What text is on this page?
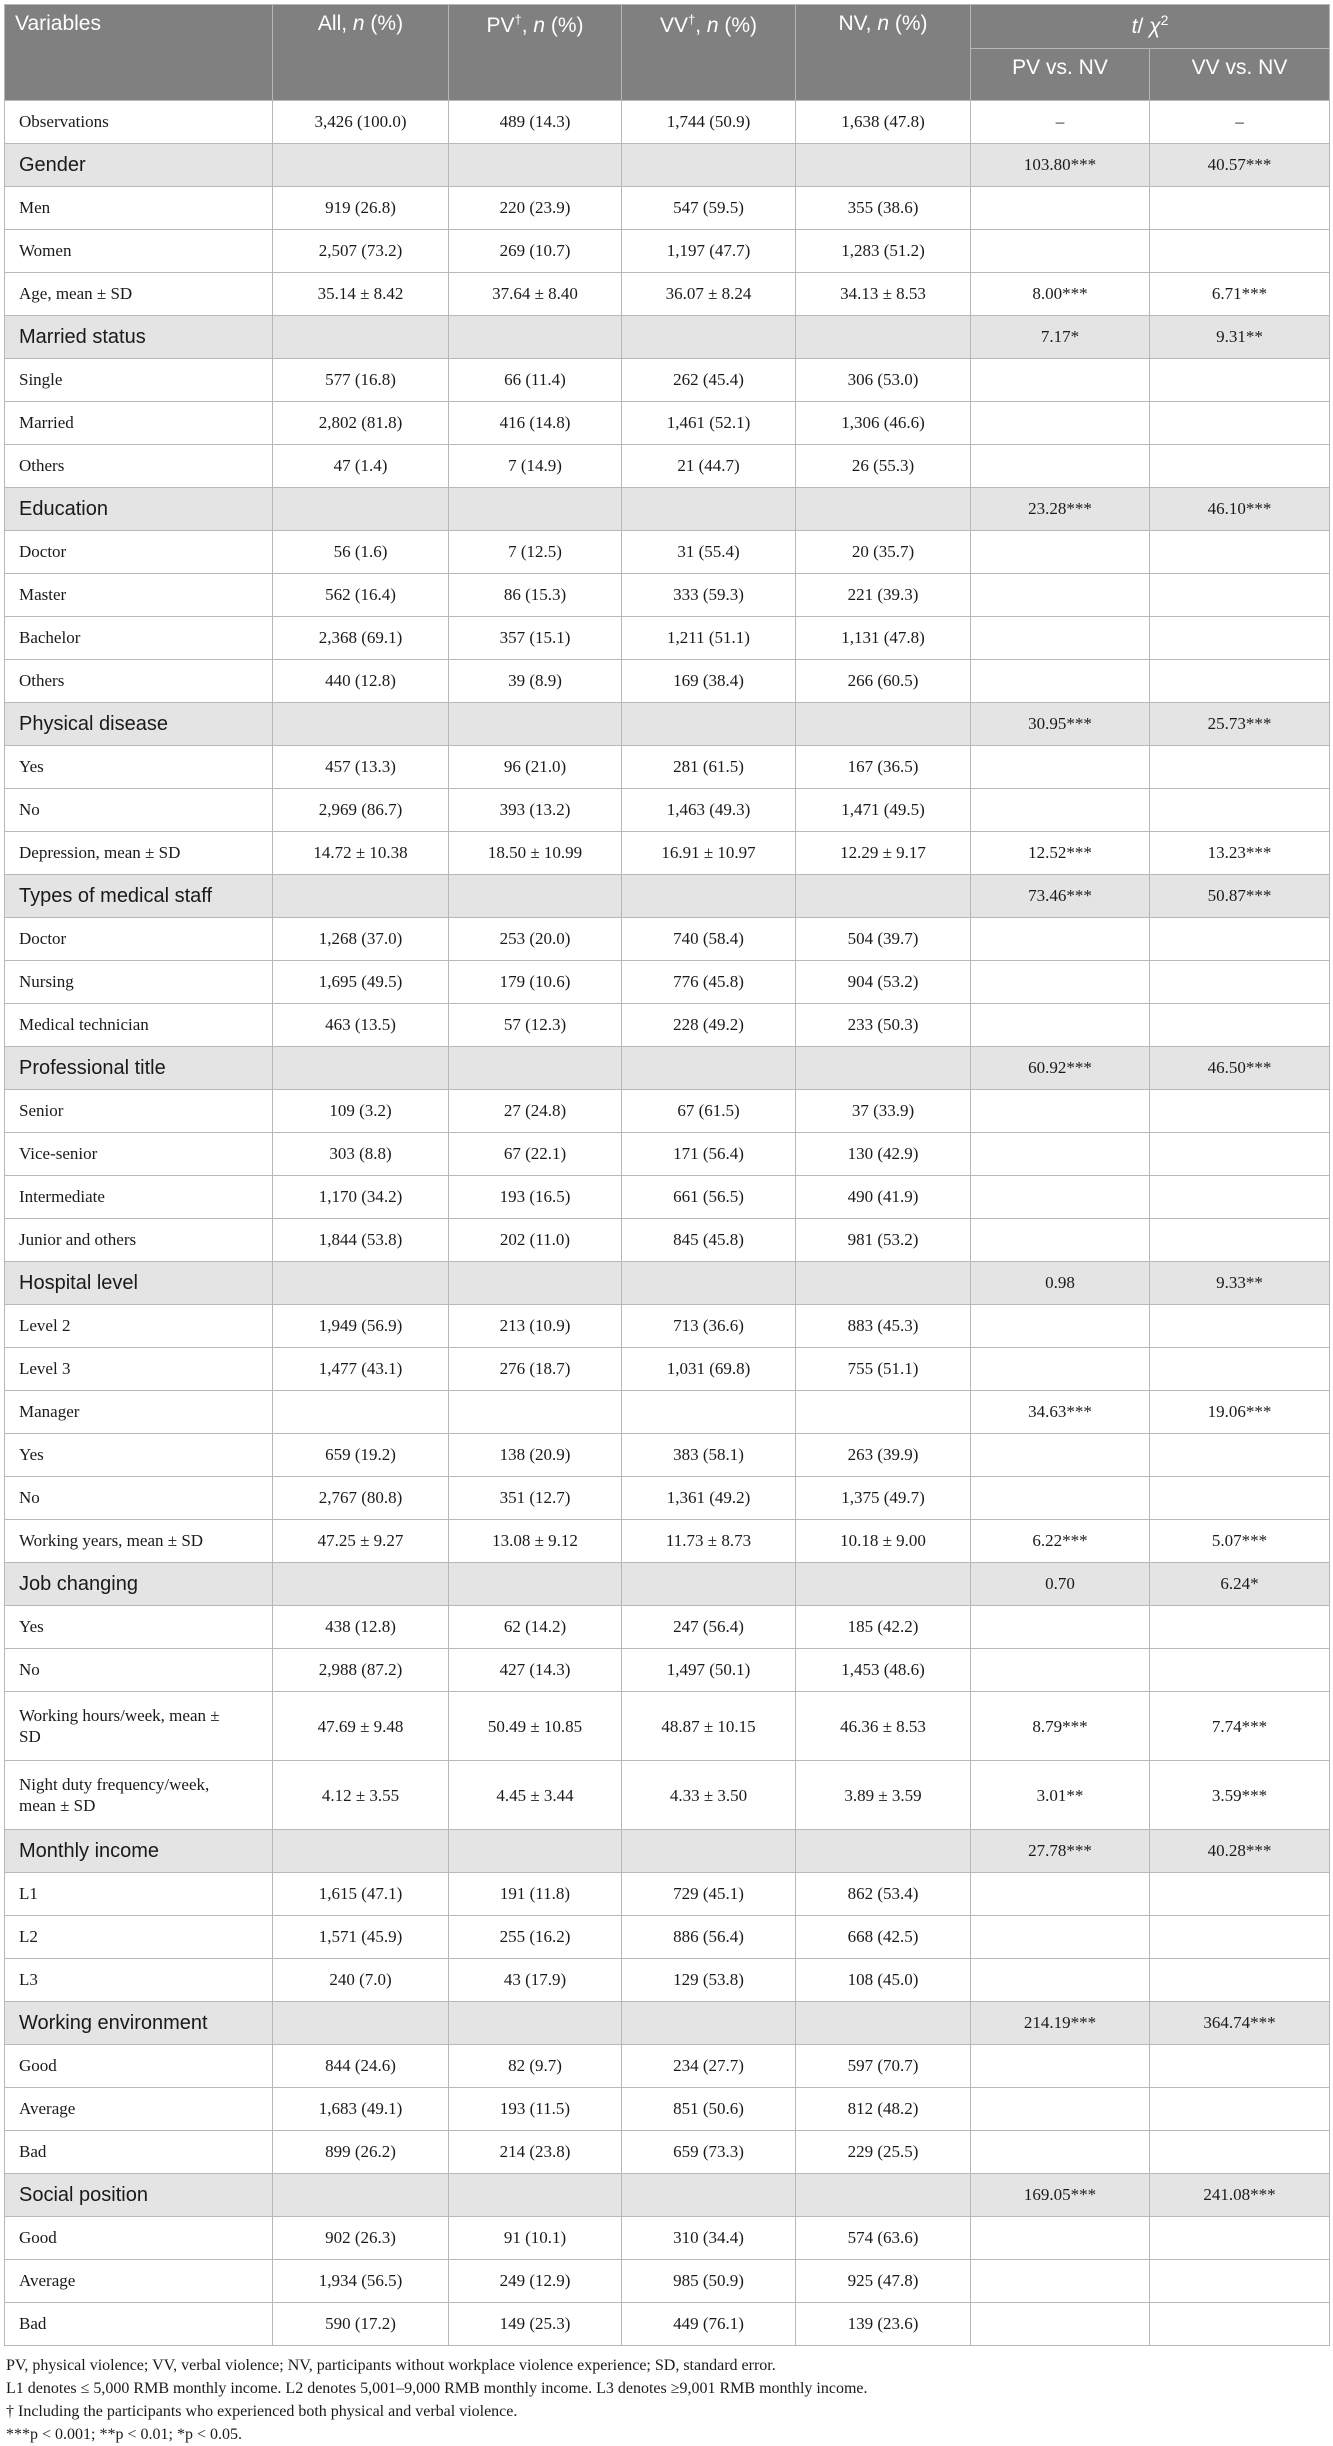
Variables	All, n (%)	PV†, n (%)	VV†, n (%)	NV, n (%)	t/ $\chi^2$
					PV vs. NV	VV vs. NV
Observations	3,426 (100.0)	489 (14.3)	1,744 (50.9)	1,638 (47.8)	–	–
Gender					103.80***	40.57***
Men	919 (26.8)	220 (23.9)	547 (59.5)	355 (38.6)		
Women	2,507 (73.2)	269 (10.7)	1,197 (47.7)	1,283 (51.2)		
Age, mean ± SD	35.14 ± 8.42	37.64 ± 8.40	36.07 ± 8.24	34.13 ± 8.53	8.00***	6.71***
Married status					7.17*	9.31**
Single	577 (16.8)	66 (11.4)	262 (45.4)	306 (53.0)		
Married	2,802 (81.8)	416 (14.8)	1,461 (52.1)	1,306 (46.6)		
Others	47 (1.4)	7 (14.9)	21 (44.7)	26 (55.3)		
Education					23.28***	46.10***
Doctor	56 (1.6)	7 (12.5)	31 (55.4)	20 (35.7)		
Master	562 (16.4)	86 (15.3)	333 (59.3)	221 (39.3)		
Bachelor	2,368 (69.1)	357 (15.1)	1,211 (51.1)	1,131 (47.8)		
Others	440 (12.8)	39 (8.9)	169 (38.4)	266 (60.5)		
Physical disease					30.95***	25.73***
Yes	457 (13.3)	96 (21.0)	281 (61.5)	167 (36.5)		
No	2,969 (86.7)	393 (13.2)	1,463 (49.3)	1,471 (49.5)		
Depression, mean ± SD	14.72 ± 10.38	18.50 ± 10.99	16.91 ± 10.97	12.29 ± 9.17	12.52***	13.23***
Types of medical staff					73.46***	50.87***
Doctor	1,268 (37.0)	253 (20.0)	740 (58.4)	504 (39.7)		
Nursing	1,695 (49.5)	179 (10.6)	776 (45.8)	904 (53.2)		
Medical technician	463 (13.5)	57 (12.3)	228 (49.2)	233 (50.3)		
Professional title					60.92***	46.50***
Senior	109 (3.2)	27 (24.8)	67 (61.5)	37 (33.9)		
Vice-senior	303 (8.8)	67 (22.1)	171 (56.4)	130 (42.9)		
Intermediate	1,170 (34.2)	193 (16.5)	661 (56.5)	490 (41.9)		
Junior and others	1,844 (53.8)	202 (11.0)	845 (45.8)	981 (53.2)		
Hospital level					0.98	9.33**
Level 2	1,949 (56.9)	213 (10.9)	713 (36.6)	883 (45.3)		
Level 3	1,477 (43.1)	276 (18.7)	1,031 (69.8)	755 (51.1)		
Manager					34.63***	19.06***
Yes	659 (19.2)	138 (20.9)	383 (58.1)	263 (39.9)		
No	2,767 (80.8)	351 (12.7)	1,361 (49.2)	1,375 (49.7)		
Working years, mean ± SD	47.25 ± 9.27	13.08 ± 9.12	11.73 ± 8.73	10.18 ± 9.00	6.22***	5.07***
Job changing					0.70	6.24*
Yes	438 (12.8)	62 (14.2)	247 (56.4)	185 (42.2)		
No	2,988 (87.2)	427 (14.3)	1,497 (50.1)	1,453 (48.6)		
Working hours/week, mean ± SD	47.69 ± 9.48	50.49 ± 10.85	48.87 ± 10.15	46.36 ± 8.53	8.79***	7.74***
Night duty frequency/week, mean ± SD	4.12 ± 3.55	4.45 ± 3.44	4.33 ± 3.50	3.89 ± 3.59	3.01**	3.59***
Monthly income					27.78***	40.28***
L1	1,615 (47.1)	191 (11.8)	729 (45.1)	862 (53.4)		
L2	1,571 (45.9)	255 (16.2)	886 (56.4)	668 (42.5)		
L3	240 (7.0)	43 (17.9)	129 (53.8)	108 (45.0)		
Working environment					214.19***	364.74***
Good	844 (24.6)	82 (9.7)	234 (27.7)	597 (70.7)		
Average	1,683 (49.1)	193 (11.5)	851 (50.6)	812 (48.2)		
Bad	899 (26.2)	214 (23.8)	659 (73.3)	229 (25.5)		
Social position					169.05***	241.08***
Good	902 (26.3)	91 (10.1)	310 (34.4)	574 (63.6)		
Average	1,934 (56.5)	249 (12.9)	985 (50.9)	925 (47.8)		
Bad	590 (17.2)	149 (25.3)	449 (76.1)	139 (23.6)		
PV, physical violence; VV, verbal violence; NV, participants without workplace violence experience; SD, standard error.
L1 denotes ≤ 5,000 RMB monthly income. L2 denotes 5,001–9,000 RMB monthly income. L3 denotes ≥9,001 RMB monthly income.
† Including the participants who experienced both physical and verbal violence.
***p < 0.001; **p < 0.01; *p < 0.05.
